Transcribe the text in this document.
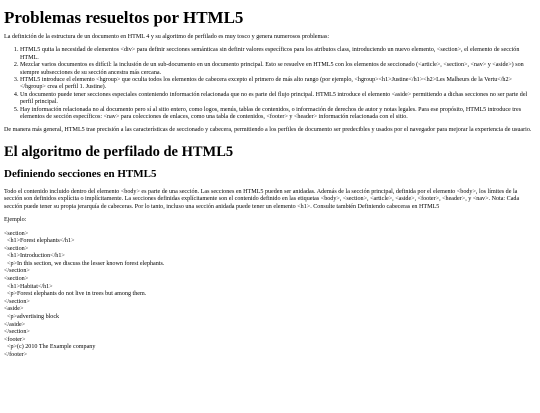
Problemas resueltos por HTML5

La definición de la estructura de un documento en HTML 4 y su algoritmo de perfilado es muy tosco y genera numerosos problemas:

1. HTML5 quita la necesidad de elementos <div> para definir secciones semánticas sin definir valores específicos para los atributos class, introduciendo un nuevo elemento, <section>, el elemento de sección HTML.
2. Mezclar varios documentos es difícil: la inclusión de un sub-documento en un documento principal. Esto se resuelve en HTML5 con los elementos de seccionado (<article>, <section>, <nav> y <aside>) son siempre subsecciones de su sección ancestra más cercana.
3. HTML5 introduce el elemento <hgroup> que oculta todos los elementos de cabecera excepto el primero de más alto rango (por ejemplo, <hgroup><h1>Justine</h1><h2>Les Malheurs de la Vertu</h2></hgroup> crea el perfil 1. Justine).
4. Un documento puede tener secciones especiales conteniendo información relacionada que no es parte del flujo principal. HTML5 introduce el elemento <aside> permitiendo a dichas secciones no ser parte del perfil principal.
5. Hay información relacionada no al documento pero sí al sitio entero, como logos, menús, tablas de contenidos, o información de derechos de autor y notas legales. Para ese propósito, HTML5 introduce tres elementos de sección específicos: <nav> para colecciones de enlaces, como una tabla de contenidos, <footer> y <header> información relacionada con el sitio.

De manera más general, HTML5 trae precisión a las características de seccionado y cabecera, permitiendo a los perfiles de documento ser predecibles y usados por el navegador para mejorar la experiencia de usuario.

El algoritmo de perfilado de HTML5
Definiendo secciones en HTML5

Todo el contenido incluido dentro del elemento <body> es parte de una sección. Las secciones en HTML5 pueden ser anidadas. Además de la sección principal, definida por el elemento <body>, los límites de la sección son definidos explícita o implícitamente. La secciones definidas explícitamente son el contenido definido en las etiquetas <body>, <section>, <article>, <aside>, <footer>, <header>, y <nav>. Nota: Cada sección puede tener su propia jerarquía de cabeceras. Por lo tanto, incluso una sección anidada puede tener un elemento <h1>. Consulte también Definiendo cabeceras en HTML5

Ejemplo:

<section>
<h1>Forest elephants</h1>
<section>
<h1>Introduction</h1>
<p>In this section, we discuss the lesser known forest elephants.
</section>
<section>
<h1>Habitat</h1>
<p>Forest elephants do not live in trees but among them.
</section>
<aside>
<p>advertising block
</aside>
</section>
<footer>
<p>(c) 2010 The Example company
</footer>
